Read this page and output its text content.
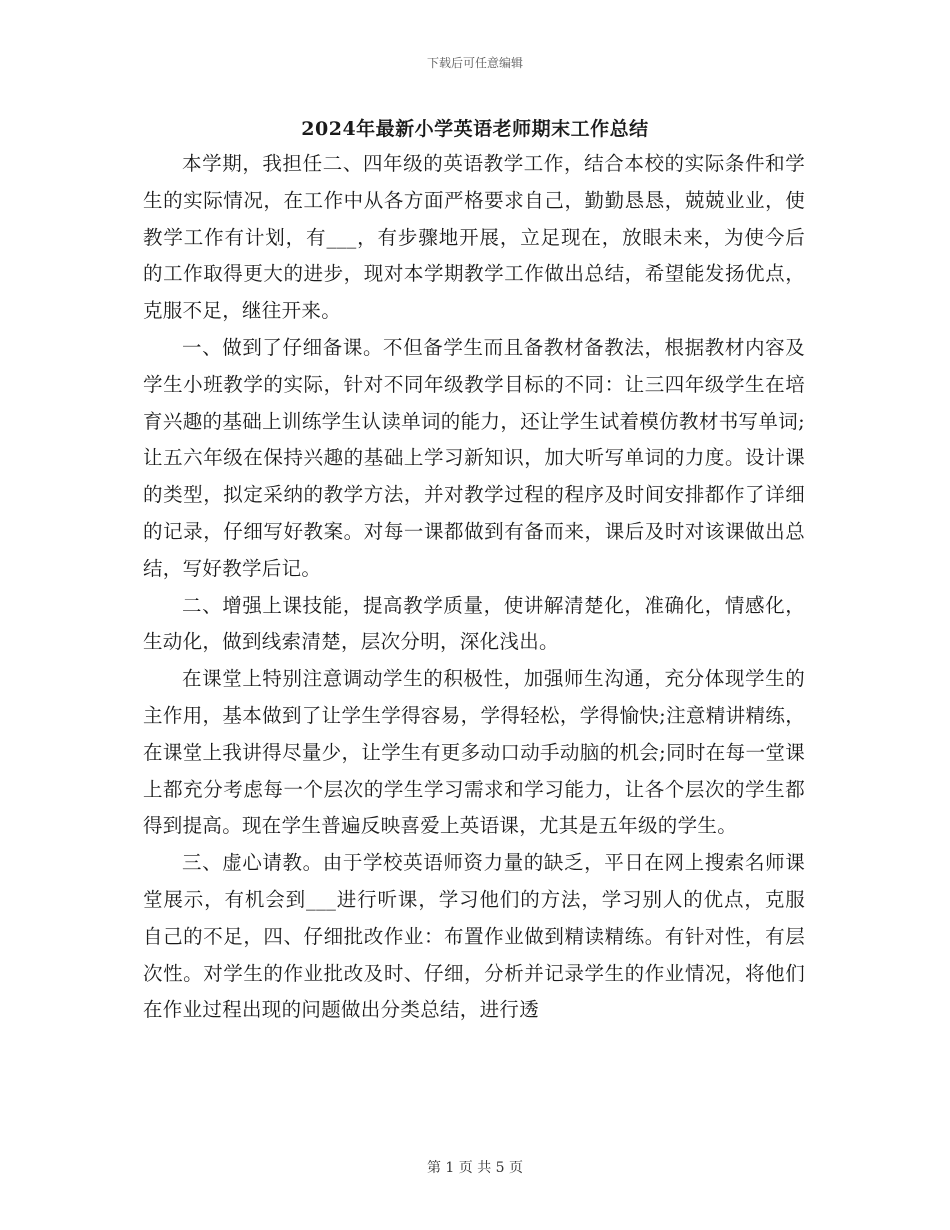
下载后可任意编辑
2024年最新小学英语老师期末工作总结

本学期，我担任二、四年级的英语教学工作，结合本校的实际条件和学生的实际情况，在工作中从各方面严格要求自己，勤勤恳恳，兢兢业业，使教学工作有计划，有___，有步骤地开展，立足现在，放眼未来，为使今后的工作取得更大的进步，现对本学期教学工作做出总结，希望能发扬优点，克服不足，继往开来。

一、做到了仔细备课。不但备学生而且备教材备教法，根据教材内容及学生小班教学的实际，针对不同年级教学目标的不同：让三四年级学生在培育兴趣的基础上训练学生认读单词的能力，还让学生试着模仿教材书写单词;让五六年级在保持兴趣的基础上学习新知识，加大听写单词的力度。设计课的类型，拟定采纳的教学方法，并对教学过程的程序及时间安排都作了详细的记录，仔细写好教案。对每一课都做到有备而来，课后及时对该课做出总结，写好教学后记。

二、增强上课技能，提高教学质量，使讲解清楚化，准确化，情感化，生动化，做到线索清楚，层次分明，深化浅出。

在课堂上特别注意调动学生的积极性，加强师生沟通，充分体现学生的主作用，基本做到了让学生学得容易，学得轻松，学得愉快;注意精讲精练，在课堂上我讲得尽量少，让学生有更多动口动手动脑的机会;同时在每一堂课上都充分考虑每一个层次的学生学习需求和学习能力，让各个层次的学生都得到提高。现在学生普遍反映喜爱上英语课，尤其是五年级的学生。

三、虚心请教。由于学校英语师资力量的缺乏，平日在网上搜索名师课堂展示，有机会到___进行听课，学习他们的方法，学习别人的优点，克服自己的不足，四、仔细批改作业：布置作业做到精读精练。有针对性，有层次性。对学生的作业批改及时、仔细，分析并记录学生的作业情况，将他们在作业过程出现的问题做出分类总结，进行透

第 1 页 共 5 页
